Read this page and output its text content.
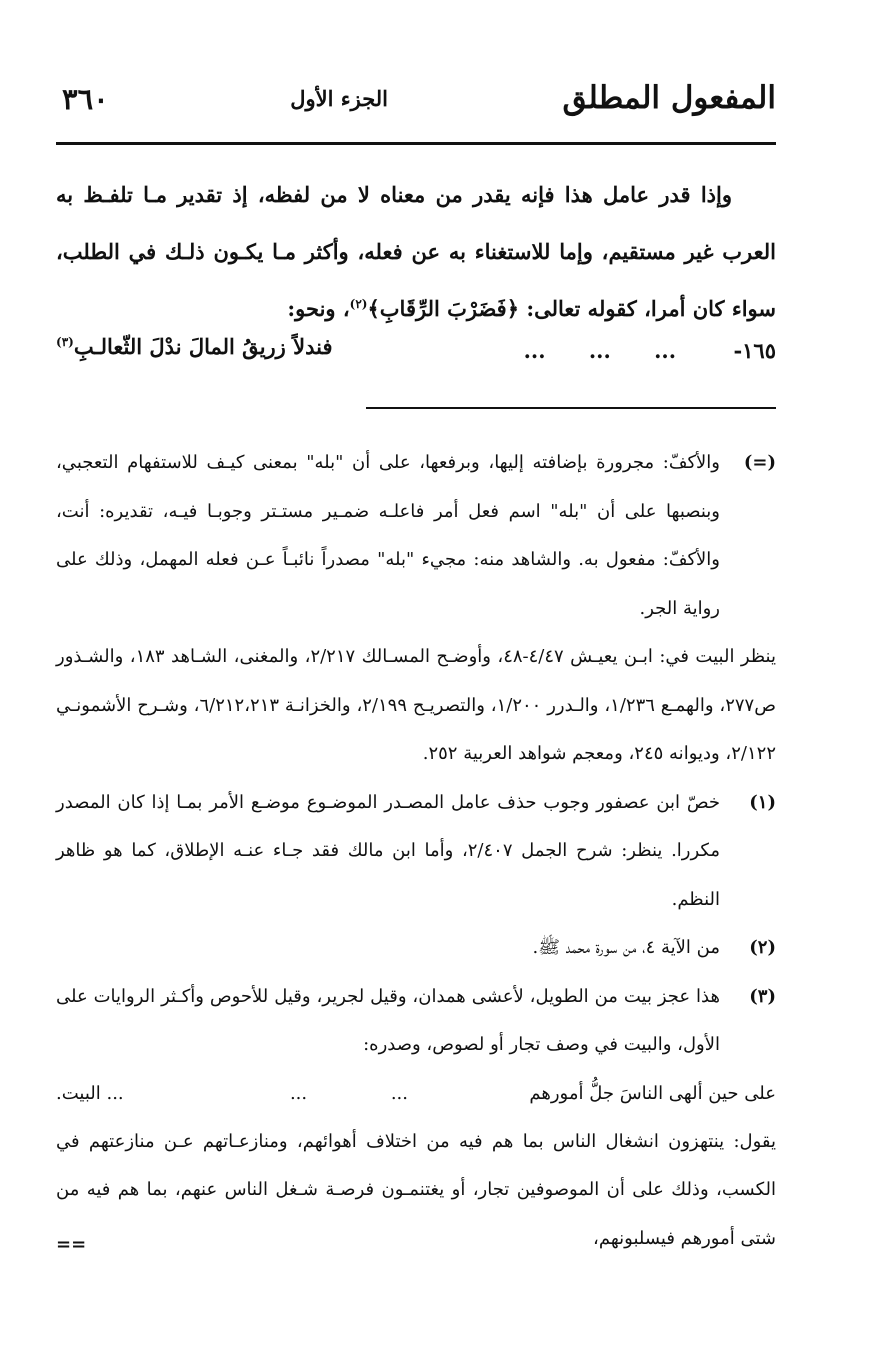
المفعول المطلق
الجزء الأول
٣٦٠

وإذا قدر عامل هذا فإنه يقدر من معناه لا من لفظه، إذ تقدير مـا تلفـظ به العرب غير مستقيم، وإما للاستغناء به عن فعله، وأكثر مـا يكـون ذلـك في الطلب، سواء كان أمرا، كقوله تعالى: ﴿فَضَرْبَ الرِّقَابِ﴾$^{(٢)}$، ونحو:

١٦٥-
... ... ...
فندلاً زريقُ المالَ ندْلَ الثّعالـبِ$^{(٣)}$
(=)

والأكفّ: مجرورة بإضافته إليها، وبرفعها، على أن "بله" بمعنى كيـف للاستفهام التعجبي، وبنصبها على أن "بله" اسم فعل أمر فاعلـه ضمـير مستـتر وجوبـا فيـه، تقديره: أنت، والأكفّ: مفعول به. والشاهد منه: مجيء "بله" مصدراً نائبـاً عـن فعله المهمل، وذلك على رواية الجر.

ينظر البيت في: ابـن يعيـش ٤/٤٧-٤٨، وأوضـح المسـالك ٢/٢١٧، والمغنى، الشـاهد ١٨٣، والشـذور ص٢٧٧، والهمـع ١/٢٣٦، والـدرر ١/٢٠٠، والتصريـح ٢/١٩٩، والخزانـة ٦/٢١٢،٢١٣، وشـرح الأشمونـي ٢/١٢٢، وديوانه ٢٤٥، ومعجم شواهد العربية ٢٥٢.

(١)

خصّ ابن عصفور وجوب حذف عامل المصـدر الموضـوع موضـع الأمر بمـا إذا كان المصدر مكررا. ينظر: شرح الجمل ٢/٤٠٧، وأما ابن مالك فقد جـاء عنـه الإطلاق، كما هو ظاهر النظم.

(٢)

من الآية ٤، من سورة محمد ﷺ.

(٣)

هذا عجز بيت من الطويل، لأعشى همدان، وقيل لجرير، وقيل للأحوص وأكـثر الروايات على الأول، والبيت في وصف تجار أو لصوص، وصدره:

على حين ألهى الناسَ جلُّ أمورهم
... ...
... البيت.

يقول: ينتهزون انشغال الناس بما هم فيه من اختلاف أهوائهم، ومنازعـاتهم عـن منازعتهم في الكسب، وذلك على أن الموصوفين تجار، أو يغتنمـون فرصـة شـغل الناس عنهم، بما هم فيه من شتى أمورهم فيسلبونهم،

==
